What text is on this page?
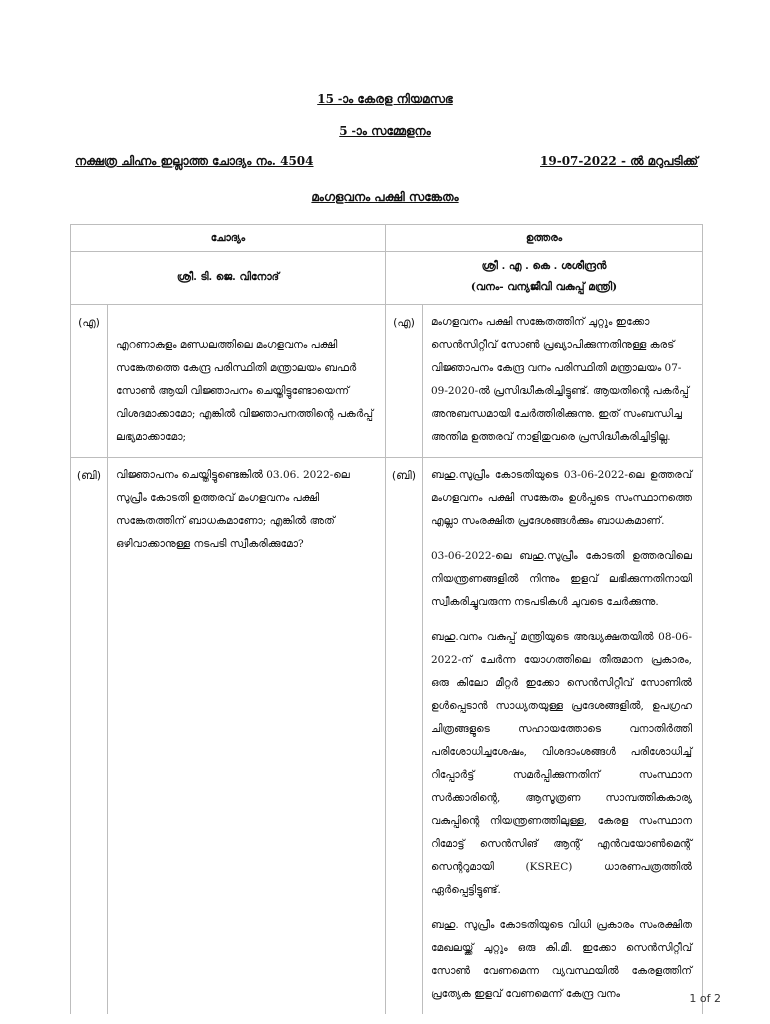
15 -ാം കേരള നിയമസഭ
5 -ാം സമ്മേളനം
നക്ഷത്ര ചിഹ്നം ഇല്ലാത്ത ചോദ്യം നം. 4504	19-07-2022 - ൽ മറുപടിക്ക്
മംഗളവനം പക്ഷി സങ്കേതം
ചോദ്യം		ഉത്തരം	
ശ്രീ. ടി. ജെ. വിനോദ്		ശ്രീ . എ . കെ . ശശീന്ദ്രൻ
(വനം- വന്യജീവി വകുപ്പ് മന്ത്രി)	

(എ)	എറണാകുളം മണ്ഡലത്തിലെ മംഗളവനം പക്ഷി സങ്കേതത്തെ കേന്ദ്ര പരിസ്ഥിതി മന്ത്രാലയം ബഫർ സോൺ ആയി വിജ്ഞാപനം ചെയ്തിട്ടുണ്ടോയെന്ന് വിശദമാക്കാമോ; എങ്കിൽ വിജ്ഞാപനത്തിന്റെ പകർപ്പ് ലഭ്യമാക്കാമോ;	(എ)	മംഗളവനം പക്ഷി സങ്കേതത്തിന് ചുറ്റും ഇക്കോ സെൻസിറ്റീവ് സോൺ പ്രഖ്യാപിക്കുന്നതിനുള്ള കരട് വിജ്ഞാപനം കേന്ദ്ര വനം പരിസ്ഥിതി മന്ത്രാലയം 07-09-2020-ൽ പ്രസിദ്ധീകരിച്ചിട്ടുണ്ട്. ആയതിന്റെ പകർപ്പ് അനുബന്ധമായി ചേർത്തിരിക്കുന്നു. ഇത് സംബന്ധിച്ച അന്തിമ ഉത്തരവ് നാളിതുവരെ പ്രസിദ്ധീകരിച്ചിട്ടില്ല.

(ബി)	വിജ്ഞാപനം ചെയ്തിട്ടുണ്ടെങ്കിൽ 03.06. 2022-ലെ സുപ്രീം കോടതി ഉത്തരവ് മംഗളവനം പക്ഷി സങ്കേതത്തിന് ബാധകമാണോ; എങ്കിൽ അത് ഒഴിവാക്കാനുള്ള നടപടി സ്വീകരിക്കുമോ?	(ബി)	ബഹു.സുപ്രീം കോടതിയുടെ 03-06-2022-ലെ ഉത്തരവ് മംഗളവനം പക്ഷി സങ്കേതം ഉൾപ്പടെ സംസ്ഥാനത്തെ എല്ലാ സംരക്ഷിത പ്രദേശങ്ങൾക്കും ബാധകമാണ്.

03-06-2022-ലെ ബഹു.സുപ്രീം കോടതി ഉത്തരവിലെ നിയന്ത്രണങ്ങളിൽ നിന്നും ഇളവ് ലഭിക്കുന്നതിനായി സ്വീകരിച്ചുവരുന്ന നടപടികൾ ചുവടെ ചേർക്കുന്നു.

ബഹു.വനം വകുപ്പ് മന്ത്രിയുടെ അദ്ധ്യക്ഷതയിൽ 08-06-2022-ന് ചേർന്ന യോഗത്തിലെ തീരുമാന പ്രകാരം, ഒരു കിലോ മീറ്റർ ഇക്കോ സെൻസിറ്റീവ് സോണിൽ ഉൾപ്പെടാൻ സാധ്യതയുള്ള പ്രദേശങ്ങളിൽ, ഉപഗ്രഹ ചിത്രങ്ങളുടെ സഹായത്തോടെ വനാതിർത്തി പരിശോധിച്ചശേഷം, വിശദാംശങ്ങൾ പരിശോധിച്ച് റിപ്പോർട്ട് സമർപ്പിക്കുന്നതിന് സംസ്ഥാന സർക്കാരിന്റെ, ആസൂത്രണ സാമ്പത്തികകാര്യ വകുപ്പിന്റെ നിയന്ത്രണത്തിലുള്ള, കേരള സംസ്ഥാന റിമോട്ട് സെൻസിങ് ആന്റ് എൻവയോൺമെന്റ് സെന്ററുമായി (KSREC) ധാരണപത്രത്തിൽ ഏർപ്പെട്ടിട്ടുണ്ട്.

ബഹു. സുപ്രീം കോടതിയുടെ വിധി പ്രകാരം സംരക്ഷിത മേഖലയ്ക്ക് ചുറ്റും ഒരു കി.മീ. ഇക്കോ സെൻസിറ്റീവ് സോൺ വേണമെന്ന വ്യവസ്ഥയിൽ കേരളത്തിന് പ്രത്യേക ഇളവ് വേണമെന്ന് കേന്ദ്ര വനം	1 of 2
